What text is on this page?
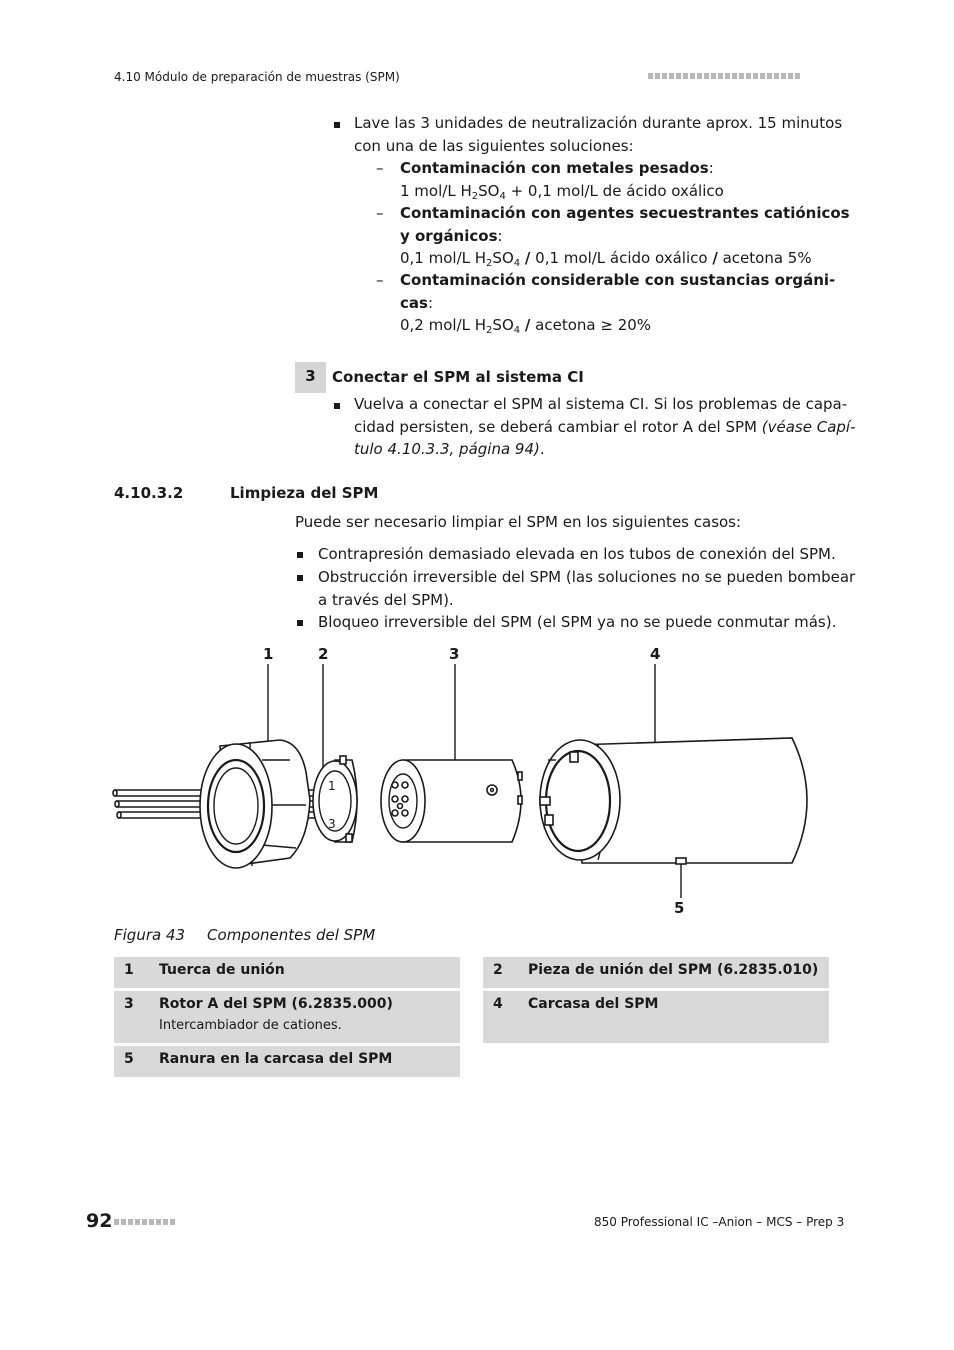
4.10 Módulo de preparación de muestras (SPM)
Lave las 3 unidades de neutralización durante aprox. 15 minutos
con una de las siguientes soluciones:
– Contaminación con metales pesados:
1 mol/L $H_2SO_4 + 0,1$ mol/L de ácido oxálico
– Contaminación con agentes secuestrantes catiónicos
y orgánicos:
0,1 mol/L $H_2SO_4 / 0,1$ mol/L ácido oxálico / acetona 5%
– Contaminación considerable con sustancias orgáni-
cas:
0,2 mol/L $H_2SO_4$ / acetona ≥ 20%
3	Conectar el SPM al sistema CI
Vuelva a conectar el SPM al sistema CI. Si los problemas de capa-
cidad persisten, se deberá cambiar el rotor A del SPM (véase Capí-
tulo 4.10.3.3, página 94).
4.10.3.2	Limpieza del SPM
Puede ser necesario limpiar el SPM en los siguientes casos:
Contrapresión demasiado elevada en los tubos de conexión del SPM.
Obstrucción irreversible del SPM (las soluciones no se pueden bombear
a través del SPM).
Bloqueo irreversible del SPM (el SPM ya no se puede conmutar más).
1	2	3	4
5
1
3
Figura 43 Componentes del SPM
1 Tuerca de unión	2 Pieza de unión del SPM (6.2835.010)
3 Rotor A del SPM (6.2835.000)
Intercambiador de cationes.
4 Carcasa del SPM
5 Ranura en la carcasa del SPM
92	850 Professional IC –Anion – MCS – Prep 3
